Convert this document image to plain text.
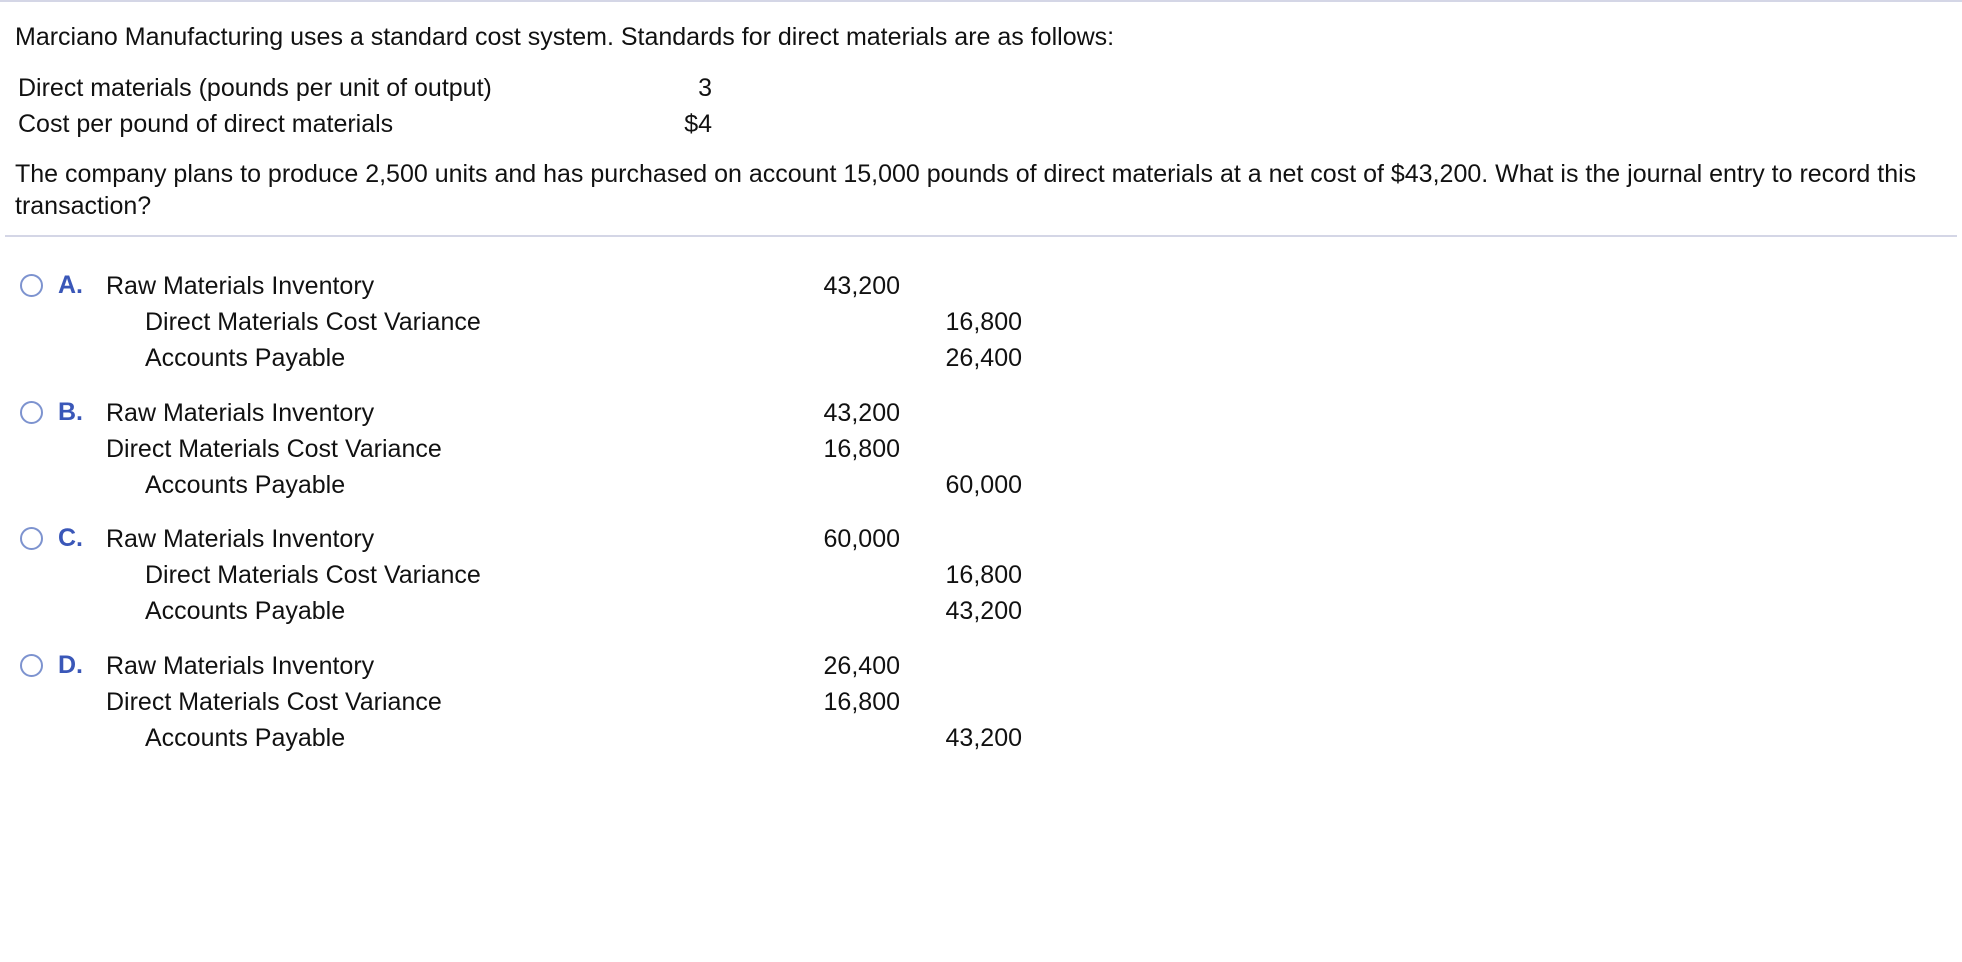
Marciano Manufacturing uses a standard cost system. Standards for direct materials are as follows:
Direct materials (pounds per unit of output)	3
Cost per pound of direct materials	$4
The company plans to produce 2,500 units and has purchased on account 15,000 pounds of direct materials at a net cost of $43,200. What is the journal entry to record this transaction?
A. Raw Materials Inventory	43,200
Direct Materials Cost Variance	16,800
Accounts Payable	26,400
B. Raw Materials Inventory	43,200
Direct Materials Cost Variance	16,800
Accounts Payable	60,000
C. Raw Materials Inventory	60,000
Direct Materials Cost Variance	16,800
Accounts Payable	43,200
D. Raw Materials Inventory	26,400
Direct Materials Cost Variance	16,800
Accounts Payable	43,200
